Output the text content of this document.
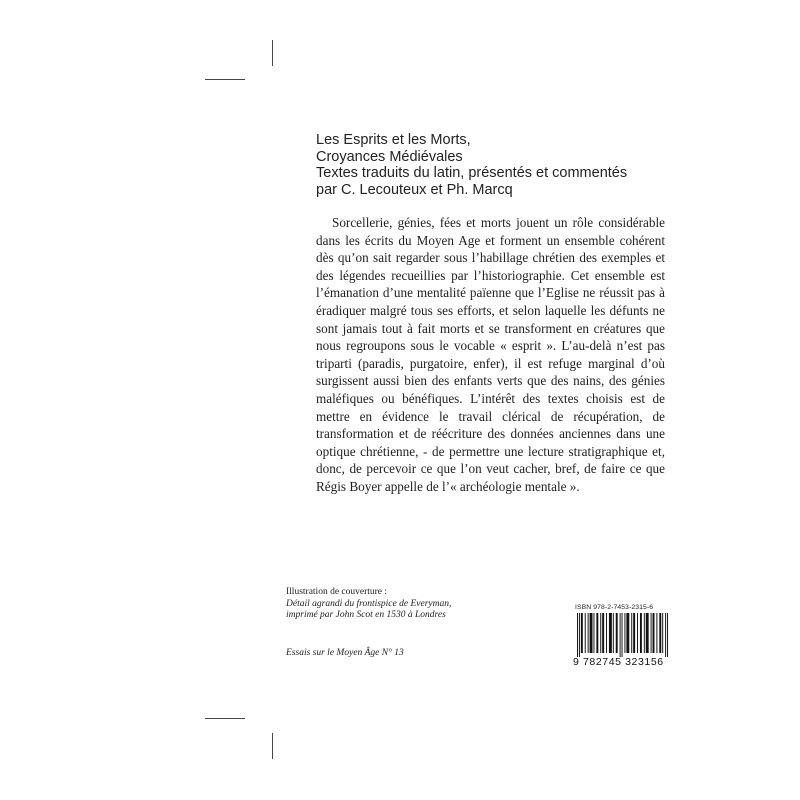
Les Esprits et les Morts,
Croyances Médiévales
Textes traduits du latin, présentés et commentés
par C. Lecouteux et Ph. Marcq

Sorcellerie, génies, fées et morts jouent un rôle considérable dans les écrits du Moyen Age et forment un ensemble cohérent dès qu’on sait regarder sous l’habillage chrétien des exemples et des légendes recueillies par l’historiographie. Cet ensemble est l’émanation d’une mentalité païenne que l’Eglise ne réussit pas à éradiquer malgré tous ses efforts, et selon laquelle les défunts ne sont jamais tout à fait morts et se transforment en créatures que nous regroupons sous le vocable « esprit ». L’au-delà n’est pas triparti (paradis, purgatoire, enfer), il est refuge marginal d’où surgissent aussi bien des enfants verts que des nains, des génies maléfiques ou bénéfiques. L’intérêt des textes choisis est de mettre en évidence le travail clérical de récupération, de transformation et de réécriture des données anciennes dans une optique chrétienne, - de permettre une lecture stratigraphique et, donc, de percevoir ce que l’on veut cacher, bref, de faire ce que Régis Boyer appelle de l’« archéologie mentale ».

Illustration de couverture :
Détail agrandi du frontispice de Everyman,
imprimé par John Scot en 1530 à Londres
Essais sur le Moyen Âge N° 13
ISBN 978-2-7453-2315-6
9 782745 323156
